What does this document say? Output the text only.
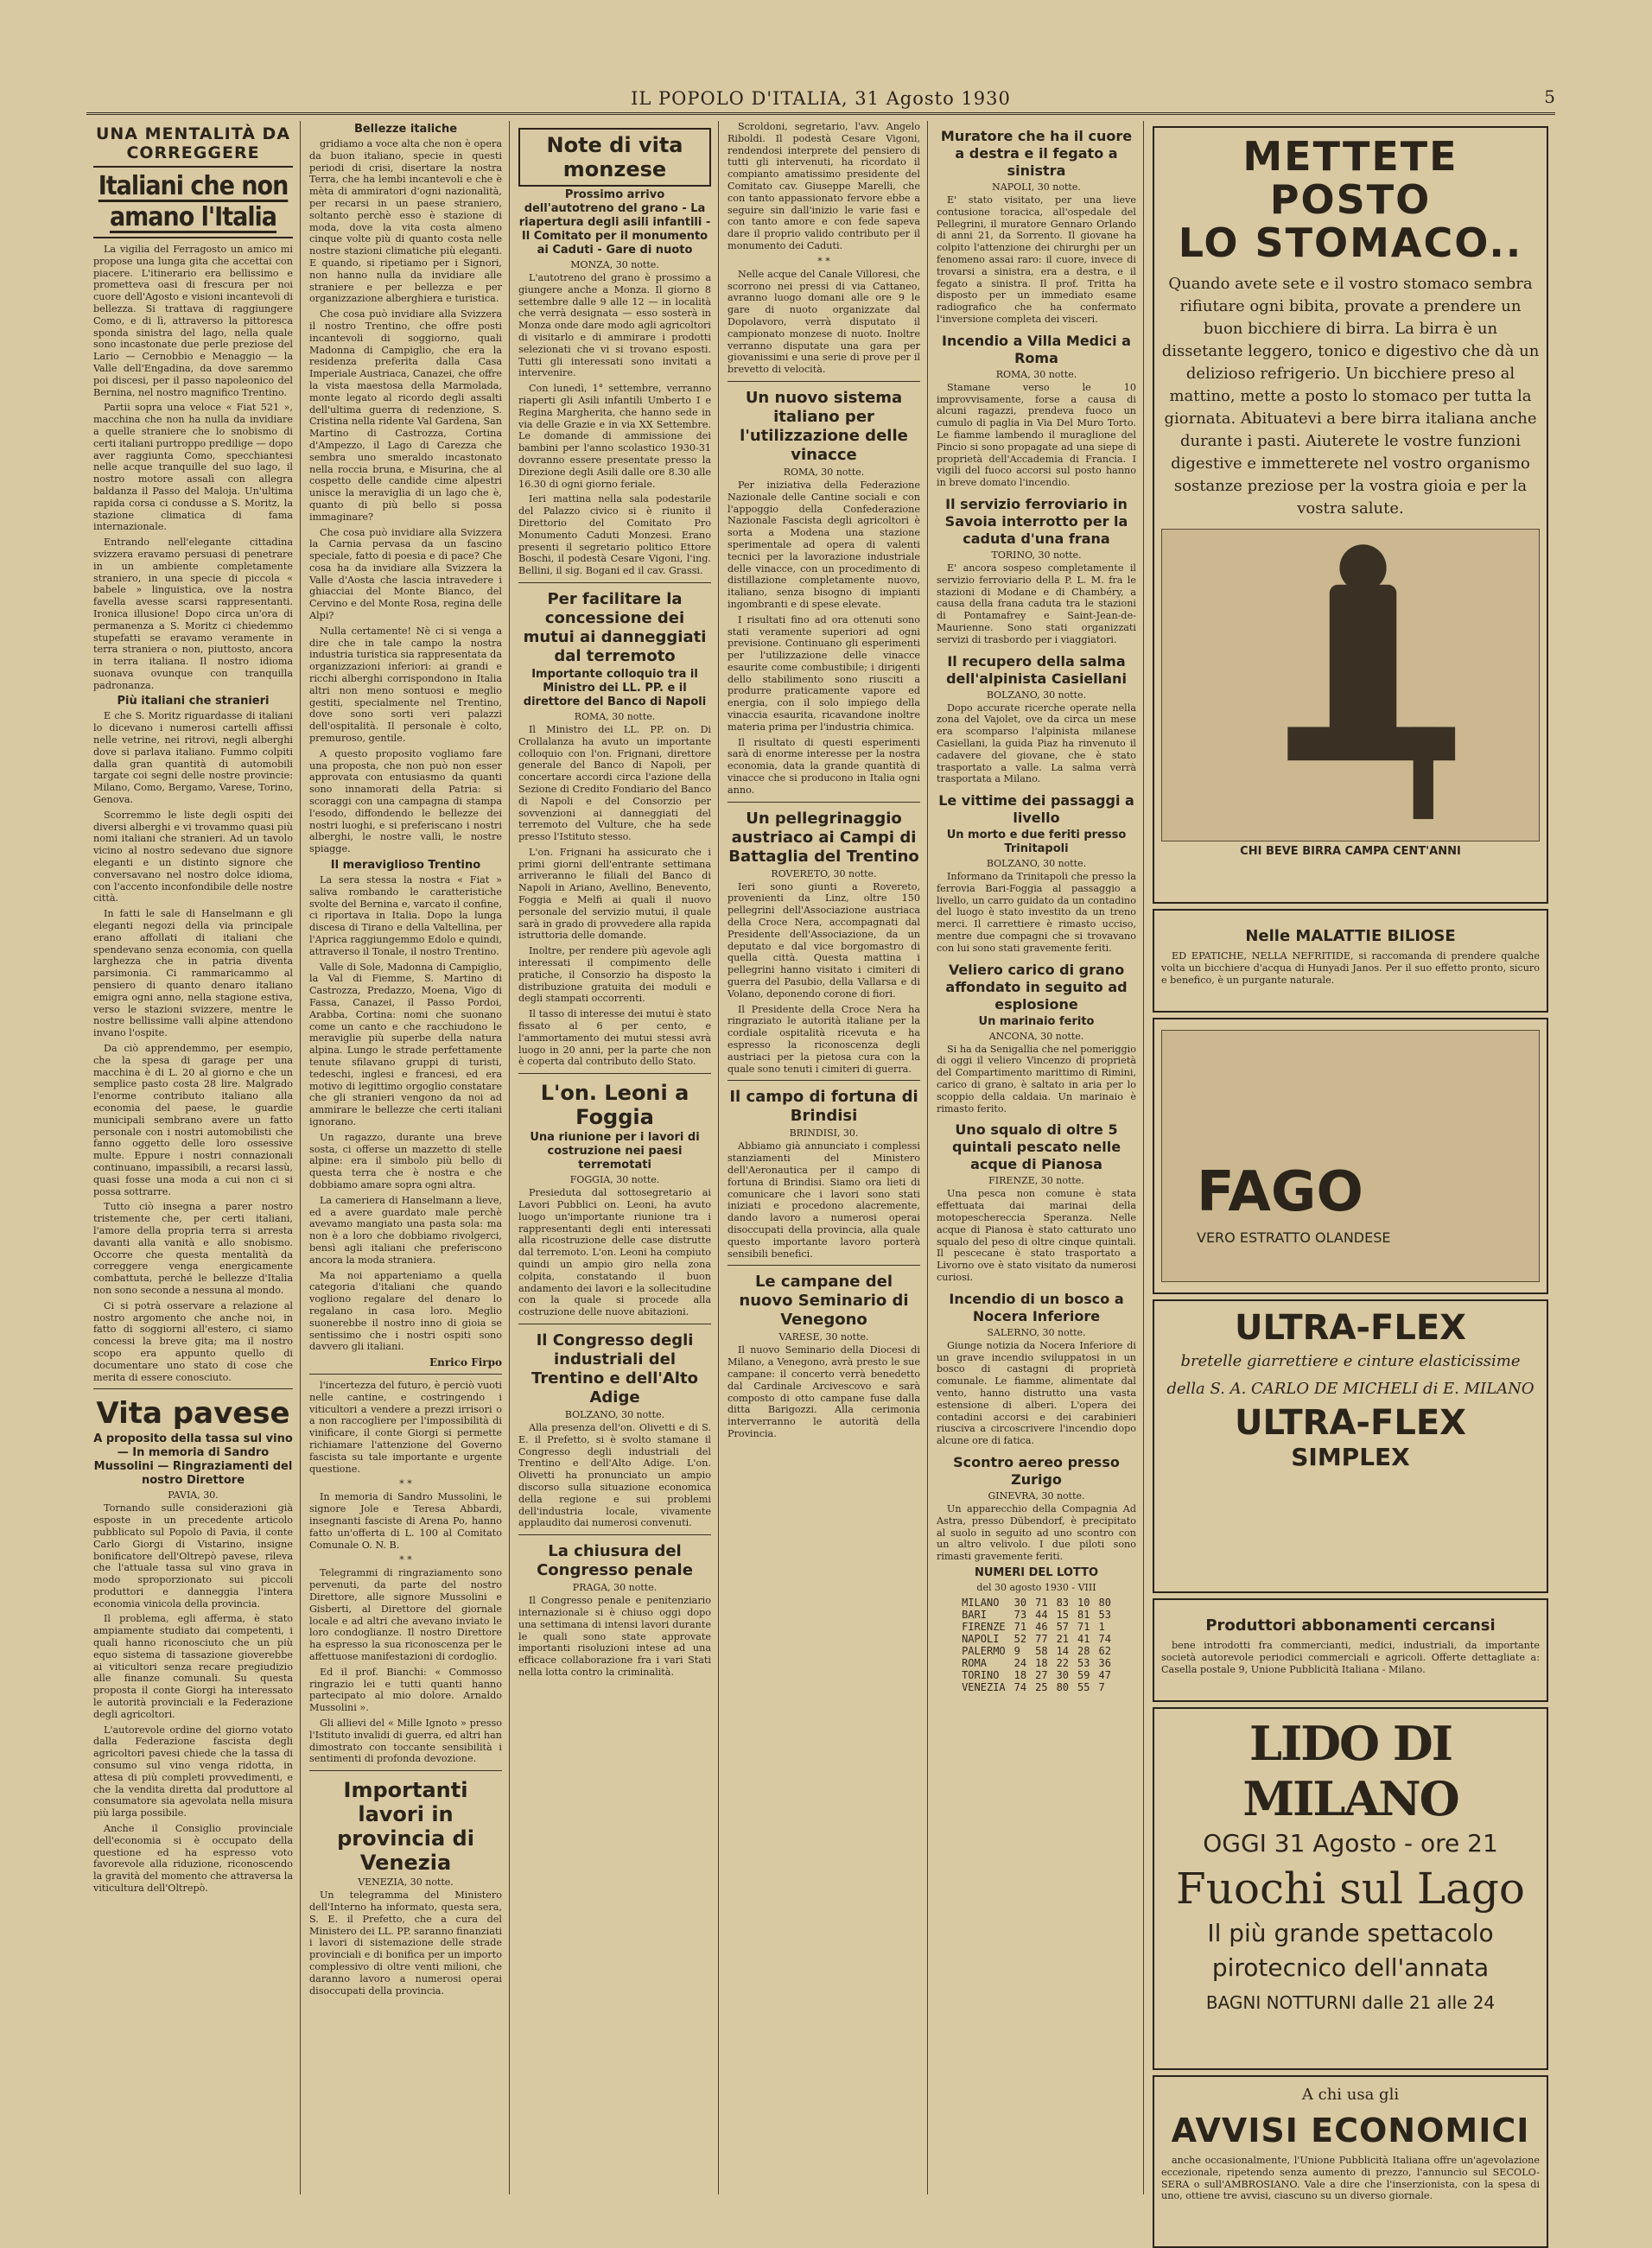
IL POPOLO D'ITALIA, 31 Agosto 1930	5
UNA MENTALITÀ DA CORREGGERE
Italiani che non amano l'Italia

La vigilia del Ferragosto un amico mi propose una lunga gita che accettai con piacere. L'itinerario era bellissimo e prometteva oasi di frescura per noi cuore dell'Agosto e visioni incantevoli di bellezza. Si trattava di raggiungere Como, e di lì, attraverso la pittoresca sponda sinistra del lago, nella quale sono incastonate due perle preziose del Lario — Cernobbio e Menaggio — la Valle dell'Engadina, da dove saremmo poi discesi, per il passo napoleonico del Bernina, nel nostro magnifico Trentino.

Partii sopra una veloce « Fiat 521 », macchina che non ha nulla da invidiare a quelle straniere che lo snobismo di certi italiani purtroppo predilige — dopo aver raggiunta Como, specchiantesi nelle acque tranquille del suo lago, il nostro motore assalì con allegra baldanza il Passo del Maloja. Un'ultima rapida corsa ci condusse a S. Moritz, la stazione climatica di fama internazionale.

Entrando nell'elegante cittadina svizzera eravamo persuasi di penetrare in un ambiente completamente straniero, in una specie di piccola « babele » linguistica, ove la nostra favella avesse scarsi rappresentanti. Ironica illusione! Dopo circa un'ora di permanenza a S. Moritz ci chiedemmo stupefatti se eravamo veramente in terra straniera o non, piuttosto, ancora in terra italiana. Il nostro idioma suonava ovunque con tranquilla padronanza.

Più italiani che stranieri

E che S. Moritz riguardasse di italiani lo dicevano i numerosi cartelli affissi nelle vetrine, nei ritrovi, negli alberghi dove si parlava italiano. Fummo colpiti dalla gran quantità di automobili targate coi segni delle nostre provincie: Milano, Como, Bergamo, Varese, Torino, Genova.

Scorremmo le liste degli ospiti dei diversi alberghi e vi trovammo quasi più nomi italiani che stranieri. Ad un tavolo vicino al nostro sedevano due signore eleganti e un distinto signore che conversavano nel nostro dolce idioma, con l'accento inconfondibile delle nostre città.

In fatti le sale di Hanselmann e gli eleganti negozi della via principale erano affollati di italiani che spendevano senza economia, con quella larghezza che in patria diventa parsimonia. Ci rammaricammo al pensiero di quanto denaro italiano emigra ogni anno, nella stagione estiva, verso le stazioni svizzere, mentre le nostre bellissime valli alpine attendono invano l'ospite.

Da ciò apprendemmo, per esempio, che la spesa di garage per una macchina è di L. 20 al giorno e che un semplice pasto costa 28 lire. Malgrado l'enorme contributo italiano alla economia del paese, le guardie municipali sembrano avere un fatto personale con i nostri automobilisti che fanno oggetto delle loro ossessive multe. Eppure i nostri connazionali continuano, impassibili, a recarsi lassù, quasi fosse una moda a cui non ci si possa sottrarre.

Tutto ciò insegna a parer nostro tristemente che, per certi italiani, l'amore della propria terra si arresta davanti alla vanità e allo snobismo. Occorre che questa mentalità da correggere venga energicamente combattuta, perché le bellezze d'Italia non sono seconde a nessuna al mondo.

Ci si potrà osservare a relazione al nostro argomento che anche noi, in fatto di soggiorni all'estero, ci siamo concessi la breve gita; ma il nostro scopo era appunto quello di documentare uno stato di cose che merita di essere conosciuto.

Vita pavese
A proposito della tassa sul vino — In memoria di Sandro Mussolini — Ringraziamenti del nostro Direttore
PAVIA, 30.

Tornando sulle considerazioni già esposte in un precedente articolo pubblicato sul Popolo di Pavia, il conte Carlo Giorgi di Vistarino, insigne bonificatore dell'Oltrepò pavese, rileva che l'attuale tassa sul vino grava in modo sproporzionato sui piccoli produttori e danneggia l'intera economia vinicola della provincia.

Il problema, egli afferma, è stato ampiamente studiato dai competenti, i quali hanno riconosciuto che un più equo sistema di tassazione gioverebbe ai viticultori senza recare pregiudizio alle finanze comunali. Su questa proposta il conte Giorgi ha interessato le autorità provinciali e la Federazione degli agricoltori.

L'autorevole ordine del giorno votato dalla Federazione fascista degli agricoltori pavesi chiede che la tassa di consumo sul vino venga ridotta, in attesa di più completi provvedimenti, e che la vendita diretta dal produttore al consumatore sia agevolata nella misura più larga possibile.

Anche il Consiglio provinciale dell'economia si è occupato della questione ed ha espresso voto favorevole alla riduzione, riconoscendo la gravità del momento che attraversa la viticultura dell'Oltrepò.

Bellezze italiche

gridiamo a voce alta che non è opera da buon italiano, specie in questi periodi di crisi, disertare la nostra Terra, che ha lembi incantevoli e che è mèta di ammiratori d'ogni nazionalità, per recarsi in un paese straniero, soltanto perchè esso è stazione di moda, dove la vita costa almeno cinque volte più di quanto costa nelle nostre stazioni climatiche più eleganti. E quando, si ripetiamo per i Signori, non hanno nulla da invidiare alle straniere e per bellezza e per organizzazione alberghiera e turistica.

Che cosa può invidiare alla Svizzera il nostro Trentino, che offre posti incantevoli di soggiorno, quali Madonna di Campiglio, che era la residenza preferita dalla Casa Imperiale Austriaca, Canazei, che offre la vista maestosa della Marmolada, monte legato al ricordo degli assalti dell'ultima guerra di redenzione, S. Cristina nella ridente Val Gardena, San Martino di Castrozza, Cortina d'Ampezzo, il Lago di Carezza che sembra uno smeraldo incastonato nella roccia bruna, e Misurina, che al cospetto delle candide cime alpestri unisce la meraviglia di un lago che è, quanto di più bello si possa immaginare?

Che cosa può invidiare alla Svizzera la Carnia pervasa da un fascino speciale, fatto di poesia e di pace? Che cosa ha da invidiare alla Svizzera la Valle d'Aosta che lascia intravedere i ghiacciai del Monte Bianco, del Cervino e del Monte Rosa, regina delle Alpi?

Nulla certamente! Nè ci si venga a dire che in tale campo la nostra industria turistica sia rappresentata da organizzazioni inferiori: ai grandi e ricchi alberghi corrispondono in Italia altri non meno sontuosi e meglio gestiti, specialmente nel Trentino, dove sono sorti veri palazzi dell'ospitalità. Il personale è colto, premuroso, gentile.

A questo proposito vogliamo fare una proposta, che non può non esser approvata con entusiasmo da quanti sono innamorati della Patria: si scoraggi con una campagna di stampa l'esodo, diffondendo le bellezze dei nostri luoghi, e si preferiscano i nostri alberghi, le nostre valli, le nostre spiagge.

Il meraviglioso Trentino

La sera stessa la nostra « Fiat » saliva rombando le caratteristiche svolte del Bernina e, varcato il confine, ci riportava in Italia. Dopo la lunga discesa di Tirano e della Valtellina, per l'Aprica raggiungemmo Edolo e quindi, attraverso il Tonale, il nostro Trentino.

Valle di Sole, Madonna di Campiglio, la Val di Fiemme, S. Martino di Castrozza, Predazzo, Moena, Vigo di Fassa, Canazei, il Passo Pordoi, Arabba, Cortina: nomi che suonano come un canto e che racchiudono le meraviglie più superbe della natura alpina. Lungo le strade perfettamente tenute sfilavano gruppi di turisti, tedeschi, inglesi e francesi, ed era motivo di legittimo orgoglio constatare che gli stranieri vengono da noi ad ammirare le bellezze che certi italiani ignorano.

Un ragazzo, durante una breve sosta, ci offerse un mazzetto di stelle alpine: era il simbolo più bello di questa terra che è nostra e che dobbiamo amare sopra ogni altra.

La cameriera di Hanselmann a lieve, ed a avere guardato male perchè avevamo mangiato una pasta sola: ma non è a loro che dobbiamo rivolgerci, bensì agli italiani che preferiscono ancora la moda straniera.

Ma noi apparteniamo a quella categoria d'italiani che quando vogliono regalare del denaro lo regalano in casa loro. Meglio suonerebbe il nostro inno di gioia se sentissimo che i nostri ospiti sono davvero gli italiani.

Enrico Firpo

l'incertezza del futuro, è perciò vuoti nelle cantine, e costringendo i viticultori a vendere a prezzi irrisori o a non raccogliere per l'impossibilità di vinificare, il conte Giorgi si permette richiamare l'attenzione del Governo fascista su tale importante e urgente questione.

* *

In memoria di Sandro Mussolini, le signore Jole e Teresa Abbardi, insegnanti fasciste di Arena Po, hanno fatto un'offerta di L. 100 al Comitato Comunale O. N. B.

* *

Telegrammi di ringraziamento sono pervenuti, da parte del nostro Direttore, alle signore Mussolini e Gisberti, al Direttore del giornale locale e ad altri che avevano inviato le loro condoglianze. Il nostro Direttore ha espresso la sua riconoscenza per le affettuose manifestazioni di cordoglio.

Ed il prof. Bianchi: « Commosso ringrazio lei e tutti quanti hanno partecipato al mio dolore. Arnaldo Mussolini ».

Gli allievi del « Mille Ignoto » presso l'Istituto invalidi di guerra, ed altri han dimostrato con toccante sensibilità i sentimenti di profonda devozione.

Importanti lavori in provincia di Venezia
VENEZIA, 30 notte.

Un telegramma del Ministero dell'Interno ha informato, questa sera, S. E. il Prefetto, che a cura del Ministero dei LL. PP. saranno finanziati i lavori di sistemazione delle strade provinciali e di bonifica per un importo complessivo di oltre venti milioni, che daranno lavoro a numerosi operai disoccupati della provincia.

Note di vita monzese
Prossimo arrivo dell'autotreno del grano - La riapertura degli asili infantili - Il Comitato per il monumento ai Caduti - Gare di nuoto
MONZA, 30 notte.

L'autotreno del grano è prossimo a giungere anche a Monza. Il giorno 8 settembre dalle 9 alle 12 — in località che verrà designata — esso sosterà in Monza onde dare modo agli agricoltori di visitarlo e di ammirare i prodotti selezionati che vi si trovano esposti. Tutti gli interessati sono invitati a intervenire.

Con lunedì, 1° settembre, verranno riaperti gli Asili infantili Umberto I e Regina Margherita, che hanno sede in via delle Grazie e in via XX Settembre. Le domande di ammissione dei bambini per l'anno scolastico 1930-31 dovranno essere presentate presso la Direzione degli Asili dalle ore 8.30 alle 16.30 di ogni giorno feriale.

Ieri mattina nella sala podestarile del Palazzo civico si è riunito il Direttorio del Comitato Pro Monumento Caduti Monzesi. Erano presenti il segretario politico Ettore Boschi, il podestà Cesare Vigoni, l'ing. Bellini, il sig. Bogani ed il cav. Grassi.

Per facilitare la concessione dei mutui ai danneggiati dal terremoto
Importante colloquio tra il Ministro dei LL. PP. e il direttore del Banco di Napoli
ROMA, 30 notte.

Il Ministro dei LL. PP. on. Di Crollalanza ha avuto un importante colloquio con l'on. Frignani, direttore generale del Banco di Napoli, per concertare accordi circa l'azione della Sezione di Credito Fondiario del Banco di Napoli e del Consorzio per sovvenzioni ai danneggiati del terremoto del Vulture, che ha sede presso l'Istituto stesso.

L'on. Frignani ha assicurato che i primi giorni dell'entrante settimana arriveranno le filiali del Banco di Napoli in Ariano, Avellino, Benevento, Foggia e Melfi ai quali il nuovo personale del servizio mutui, il quale sarà in grado di provvedere alla rapida istruttoria delle domande.

Inoltre, per rendere più agevole agli interessati il compimento delle pratiche, il Consorzio ha disposto la distribuzione gratuita dei moduli e degli stampati occorrenti.

Il tasso di interesse dei mutui è stato fissato al 6 per cento, e l'ammortamento dei mutui stessi avrà luogo in 20 anni, per la parte che non è coperta dal contributo dello Stato.

L'on. Leoni a Foggia
Una riunione per i lavori di costruzione nei paesi terremotati
FOGGIA, 30 notte.

Presieduta dal sottosegretario ai Lavori Pubblici on. Leoni, ha avuto luogo un'importante riunione tra i rappresentanti degli enti interessati alla ricostruzione delle case distrutte dal terremoto. L'on. Leoni ha compiuto quindi un ampio giro nella zona colpita, constatando il buon andamento dei lavori e la sollecitudine con la quale si procede alla costruzione delle nuove abitazioni.

Il Congresso degli industriali del Trentino e dell'Alto Adige
BOLZANO, 30 notte.

Alla presenza dell'on. Olivetti e di S. E. il Prefetto, si è svolto stamane il Congresso degli industriali del Trentino e dell'Alto Adige. L'on. Olivetti ha pronunciato un ampio discorso sulla situazione economica della regione e sui problemi dell'industria locale, vivamente applaudito dai numerosi convenuti.

La chiusura del Congresso penale
PRAGA, 30 notte.

Il Congresso penale e penitenziario internazionale si è chiuso oggi dopo una settimana di intensi lavori durante le quali sono state approvate importanti risoluzioni intese ad una efficace collaborazione fra i vari Stati nella lotta contro la criminalità.

Scroldoni, segretario, l'avv. Angelo Riboldi. Il podestà Cesare Vigoni, rendendosi interprete del pensiero di tutti gli intervenuti, ha ricordato il compianto amatissimo presidente del Comitato cav. Giuseppe Marelli, che con tanto appassionato fervore ebbe a seguire sin dall'inizio le varie fasi e con tanto amore e con fede sapeva dare il proprio valido contributo per il monumento dei Caduti.

* *

Nelle acque del Canale Villoresi, che scorrono nei pressi di via Cattaneo, avranno luogo domani alle ore 9 le gare di nuoto organizzate dal Dopolavoro, verrà disputato il campionato monzese di nuoto. Inoltre verranno disputate una gara per giovanissimi e una serie di prove per il brevetto di velocità.

Un nuovo sistema italiano per l'utilizzazione delle vinacce
ROMA, 30 notte.

Per iniziativa della Federazione Nazionale delle Cantine sociali e con l'appoggio della Confederazione Nazionale Fascista degli agricoltori è sorta a Modena una stazione sperimentale ad opera di valenti tecnici per la lavorazione industriale delle vinacce, con un procedimento di distillazione completamente nuovo, italiano, senza bisogno di impianti ingombranti e di spese elevate.

I risultati fino ad ora ottenuti sono stati veramente superiori ad ogni previsione. Continuano gli esperimenti per l'utilizzazione delle vinacce esaurite come combustibile; i dirigenti dello stabilimento sono riusciti a produrre praticamente vapore ed energia, con il solo impiego della vinaccia esaurita, ricavandone inoltre materia prima per l'industria chimica.

Il risultato di questi esperimenti sarà di enorme interesse per la nostra economia, data la grande quantità di vinacce che si producono in Italia ogni anno.

Un pellegrinaggio austriaco ai Campi di Battaglia del Trentino
ROVERETO, 30 notte.

Ieri sono giunti a Rovereto, provenienti da Linz, oltre 150 pellegrini dell'Associazione austriaca della Croce Nera, accompagnati dal Presidente dell'Associazione, da un deputato e dal vice borgomastro di quella città. Questa mattina i pellegrini hanno visitato i cimiteri di guerra del Pasubio, della Vallarsa e di Volano, deponendo corone di fiori.

Il Presidente della Croce Nera ha ringraziato le autorità italiane per la cordiale ospitalità ricevuta e ha espresso la riconoscenza degli austriaci per la pietosa cura con la quale sono tenuti i cimiteri di guerra.

Il campo di fortuna di Brindisi
BRINDISI, 30.

Abbiamo già annunciato i complessi stanziamenti del Ministero dell'Aeronautica per il campo di fortuna di Brindisi. Siamo ora lieti di comunicare che i lavori sono stati iniziati e procedono alacremente, dando lavoro a numerosi operai disoccupati della provincia, alla quale questo importante lavoro porterà sensibili benefici.

Le campane del nuovo Seminario di Venegono
VARESE, 30 notte.

Il nuovo Seminario della Diocesi di Milano, a Venegono, avrà presto le sue campane: il concerto verrà benedetto dal Cardinale Arcivescovo e sarà composto di otto campane fuse dalla ditta Barigozzi. Alla cerimonia interverranno le autorità della Provincia.

Muratore che ha il cuore a destra e il fegato a sinistra
NAPOLI, 30 notte.

E' stato visitato, per una lieve contusione toracica, all'ospedale del Pellegrini, il muratore Gennaro Orlando di anni 21, da Sorrento. Il giovane ha colpito l'attenzione dei chirurghi per un fenomeno assai raro: il cuore, invece di trovarsi a sinistra, era a destra, e il fegato a sinistra. Il prof. Tritta ha disposto per un immediato esame radiografico che ha confermato l'inversione completa dei visceri.

Incendio a Villa Medici a Roma
ROMA, 30 notte.

Stamane verso le 10 improvvisamente, forse a causa di alcuni ragazzi, prendeva fuoco un cumulo di paglia in Via Del Muro Torto. Le fiamme lambendo il muraglione del Pincio si sono propagate ad una siepe di proprietà dell'Accademia di Francia. I vigili del fuoco accorsi sul posto hanno in breve domato l'incendio.

Il servizio ferroviario in Savoia interrotto per la caduta d'una frana
TORINO, 30 notte.

E' ancora sospeso completamente il servizio ferroviario della P. L. M. fra le stazioni di Modane e di Chambéry, a causa della frana caduta tra le stazioni di Pontamafrey e Saint-Jean-de-Maurienne. Sono stati organizzati servizi di trasbordo per i viaggiatori.

Il recupero della salma dell'alpinista Casiellani
BOLZANO, 30 notte.

Dopo accurate ricerche operate nella zona del Vajolet, ove da circa un mese era scomparso l'alpinista milanese Casiellani, la guida Piaz ha rinvenuto il cadavere del giovane, che è stato trasportato a valle. La salma verrà trasportata a Milano.

Le vittime dei passaggi a livello
Un morto e due feriti presso Trinitapoli
BOLZANO, 30 notte.

Informano da Trinitapoli che presso la ferrovia Bari-Foggia al passaggio a livello, un carro guidato da un contadino del luogo è stato investito da un treno merci. Il carrettiere è rimasto ucciso, mentre due compagni che si trovavano con lui sono stati gravemente feriti.

Veliero carico di grano affondato in seguito ad esplosione
Un marinaio ferito
ANCONA, 30 notte.

Si ha da Senigallia che nel pomeriggio di oggi il veliero Vincenzo di proprietà del Compartimento marittimo di Rimini, carico di grano, è saltato in aria per lo scoppio della caldaia. Un marinaio è rimasto ferito.

Uno squalo di oltre 5 quintali pescato nelle acque di Pianosa
FIRENZE, 30 notte.

Una pesca non comune è stata effettuata dai marinai della motopeschereccia Speranza. Nelle acque di Pianosa è stato catturato uno squalo del peso di oltre cinque quintali. Il pescecane è stato trasportato a Livorno ove è stato visitato da numerosi curiosi.

Incendio di un bosco a Nocera Inferiore
SALERNO, 30 notte.

Giunge notizia da Nocera Inferiore di un grave incendio sviluppatosi in un bosco di castagni di proprietà comunale. Le fiamme, alimentate dal vento, hanno distrutto una vasta estensione di alberi. L'opera dei contadini accorsi e dei carabinieri riusciva a circoscrivere l'incendio dopo alcune ore di fatica.

Scontro aereo presso Zurigo
GINEVRA, 30 notte.

Un apparecchio della Compagnia Ad Astra, presso Dübendorf, è precipitato al suolo in seguito ad uno scontro con un altro velivolo. I due piloti sono rimasti gravemente feriti.

NUMERI DEL LOTTO
del 30 agosto 1930 - VIII
MILANO	30	71	83	10	80
BARI	73	44	15	81	53
FIRENZE	71	46	57	71	1
NAPOLI	52	77	21	41	74
PALERMO	9	58	14	28	62
ROMA	24	18	22	53	36
TORINO	18	27	30	59	47
VENEZIA	74	25	80	55	7
METTETE POSTO
LO STOMACO..
Quando avete sete e il vostro stomaco sembra rifiutare ogni bibita, provate a prendere un buon bicchiere di birra. La birra è un dissetante leggero, tonico e digestivo che dà un delizioso refrigerio. Un bicchiere preso al mattino, mette a posto lo stomaco per tutta la giornata. Abituatevi a bere birra italiana anche durante i pasti. Aiuterete le vostre funzioni digestive e immetterete nel vostro organismo sostanze preziose per la vostra gioia e per la vostra salute.
CHI BEVE BIRRA CAMPA CENT'ANNI
Nelle MALATTIE BILIOSE

ED EPATICHE, NELLA NEFRITIDE, si raccomanda di prendere qualche volta un bicchiere d'acqua di Hunyadi Janos. Per il suo effetto pronto, sicuro e benefico, è un purgante naturale.

FAGO
VERO ESTRATTO OLANDESE
ULTRA-FLEX
bretelle giarrettiere e cinture elasticissime della S. A. CARLO DE MICHELI di E. MILANO
ULTRA-FLEX
SIMPLEX
Produttori abbonamenti cercansi

bene introdotti fra commercianti, medici, industriali, da importante società autorevole periodici commerciali e agricoli. Offerte dettagliate a: Casella postale 9, Unione Pubblicità Italiana - Milano.

LIDO DI MILANO
OGGI 31 Agosto - ore 21
Fuochi sul Lago
Il più grande spettacolo
pirotecnico dell'annata
BAGNI NOTTURNI dalle 21 alle 24
A chi usa gli
AVVISI ECONOMICI

anche occasionalmente, l'Unione Pubblicità Italiana offre un'agevolazione eccezionale, ripetendo senza aumento di prezzo, l'annuncio sul SECOLO-SERA o sull'AMBROSIANO. Vale a dire che l'inserzionista, con la spesa di uno, ottiene tre avvisi, ciascuno su un diverso giornale.
